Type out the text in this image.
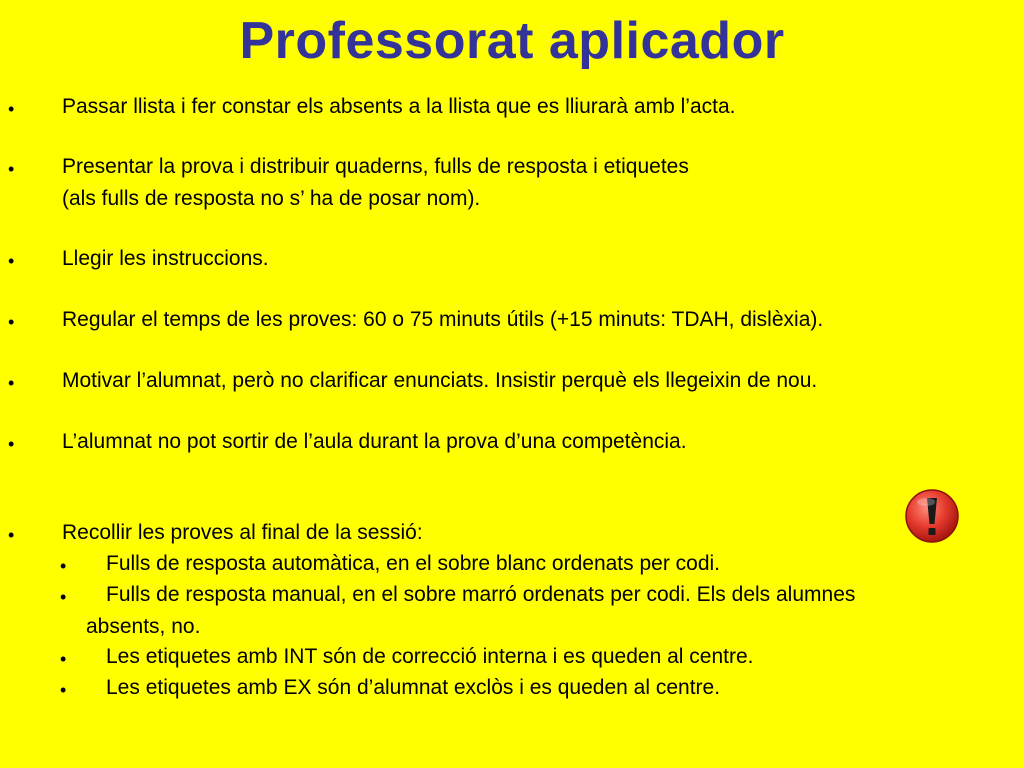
Professorat aplicador
• Passar llista i fer constar els absents a la llista que es lliurarà amb l’acta.
• Presentar la prova i distribuir quaderns, fulls de resposta i etiquetes
(als fulls de resposta no s’ ha de posar nom).
• Llegir les instruccions.
• Regular el temps de les proves: 60 o 75 minuts útils (+15 minuts: TDAH, dislèxia).
• Motivar l’alumnat, però no clarificar enunciats. Insistir perquè els llegeixin de nou.
• L’alumnat no pot sortir de l’aula durant la prova d’una competència.
• Recollir les proves al final de la sessió:
• Fulls de resposta automàtica, en el sobre blanc ordenats per codi.
• Fulls de resposta manual, en el sobre marró ordenats per codi. Els dels alumnes
absents, no.
• Les etiquetes amb INT són de correcció interna i es queden al centre.
• Les etiquetes amb EX són d’alumnat exclòs i es queden al centre.
